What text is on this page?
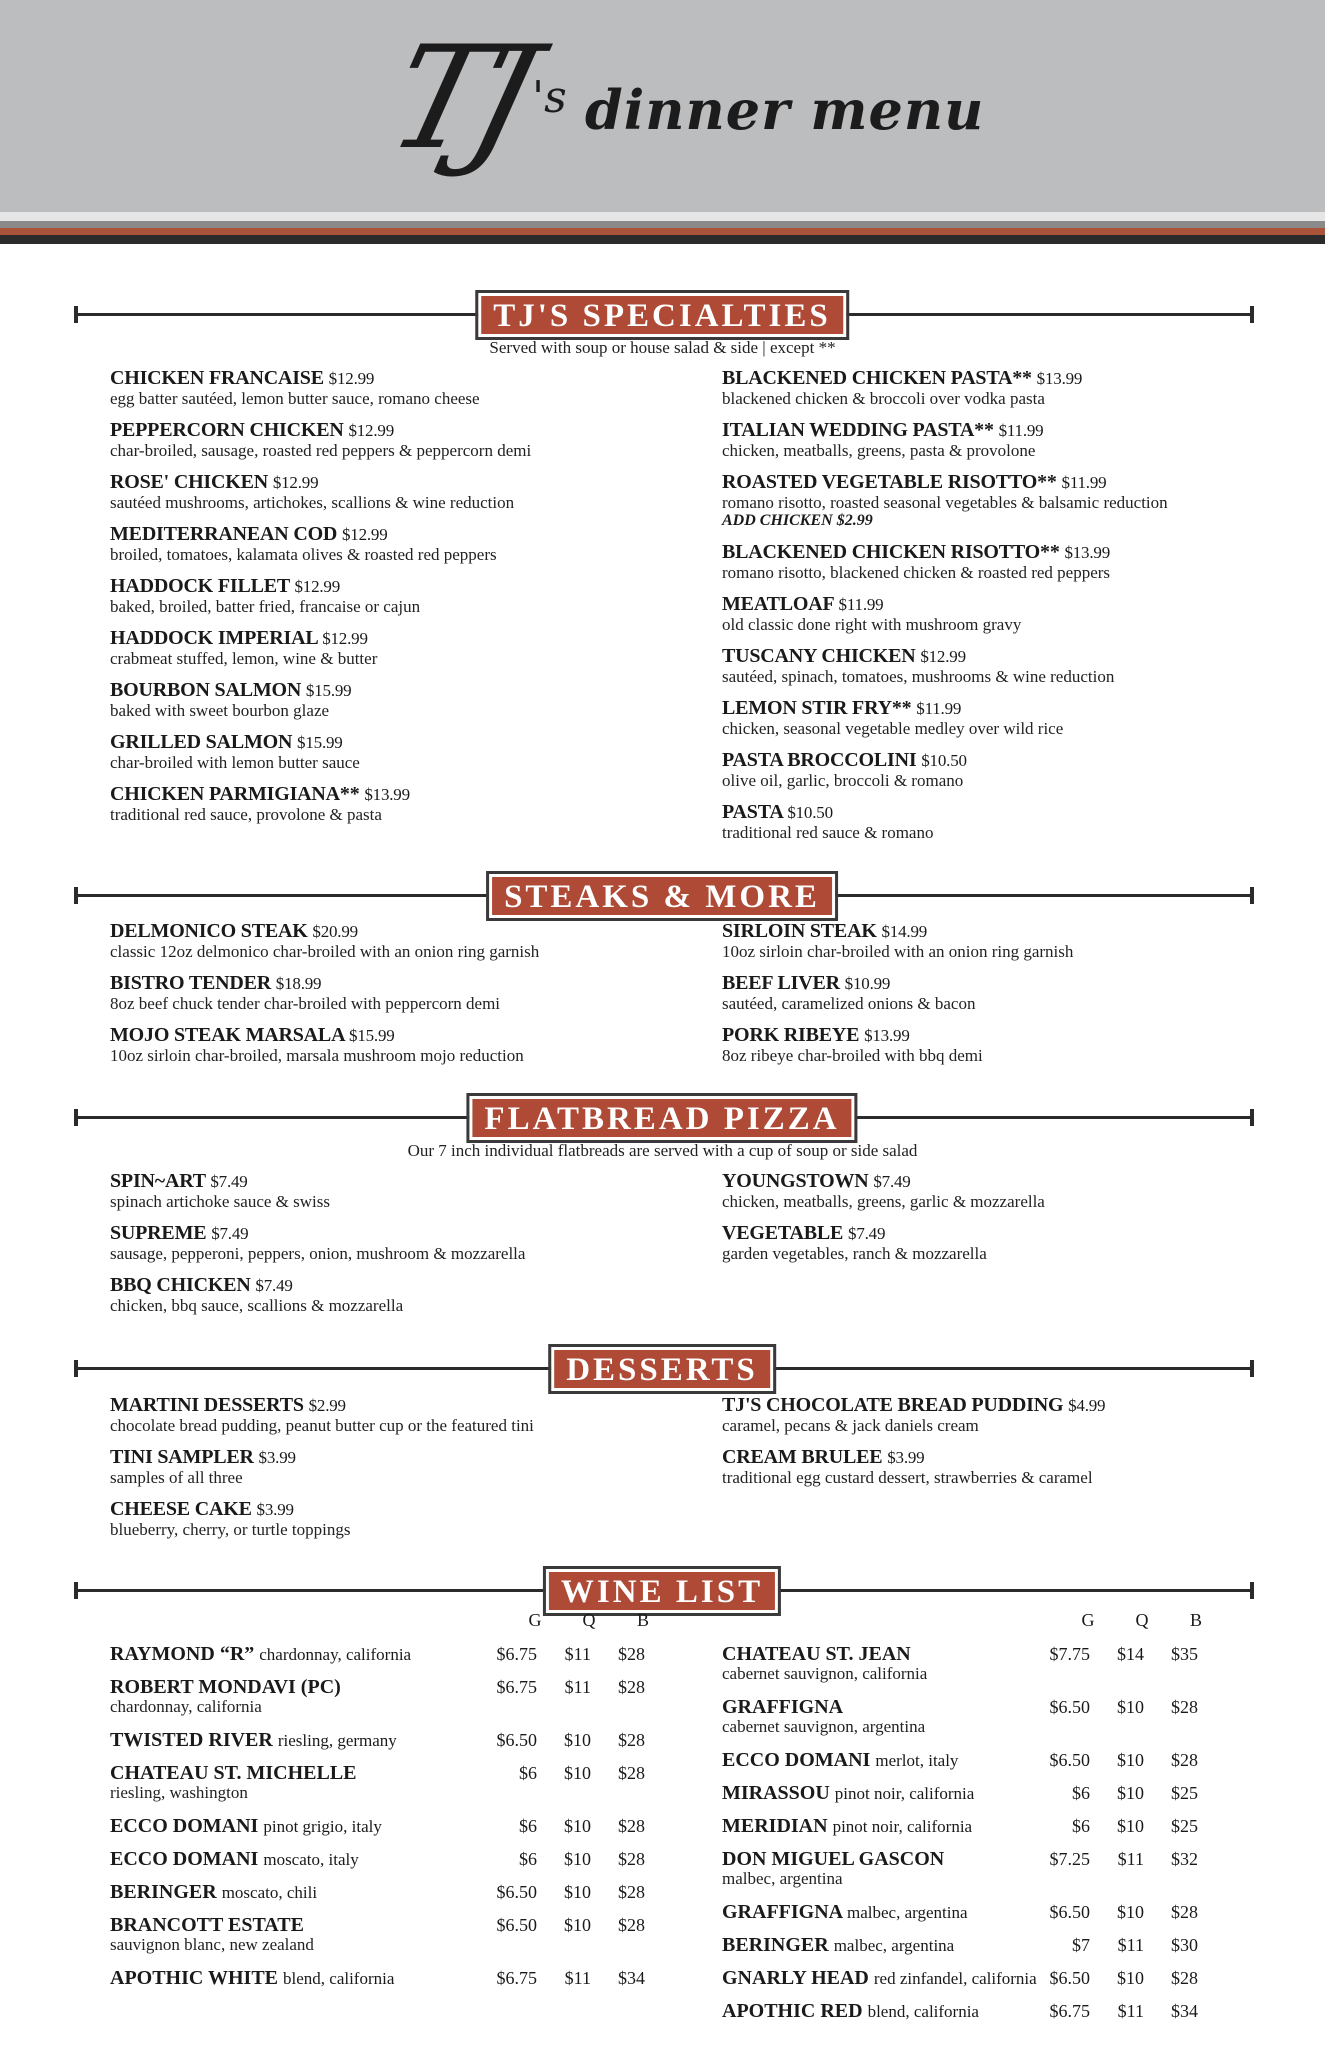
TJ
's dinner menu
TJ'S SPECIALTIES
Served with soup or house salad & side | except **
CHICKEN FRANCAISE $12.99
egg batter sautéed, lemon butter sauce, romano cheese
PEPPERCORN CHICKEN $12.99
char-broiled, sausage, roasted red peppers & peppercorn demi
ROSE' CHICKEN $12.99
sautéed mushrooms, artichokes, scallions & wine reduction
MEDITERRANEAN COD $12.99
broiled, tomatoes, kalamata olives & roasted red peppers
HADDOCK FILLET $12.99
baked, broiled, batter fried, francaise or cajun
HADDOCK IMPERIAL $12.99
crabmeat stuffed, lemon, wine & butter
BOURBON SALMON $15.99
baked with sweet bourbon glaze
GRILLED SALMON $15.99
char-broiled with lemon butter sauce
CHICKEN PARMIGIANA** $13.99
traditional red sauce, provolone & pasta
BLACKENED CHICKEN PASTA** $13.99
blackened chicken & broccoli over vodka pasta
ITALIAN WEDDING PASTA** $11.99
chicken, meatballs, greens, pasta & provolone
ROASTED VEGETABLE RISOTTO** $11.99
romano risotto, roasted seasonal vegetables & balsamic reduction
ADD CHICKEN $2.99
BLACKENED CHICKEN RISOTTO** $13.99
romano risotto, blackened chicken & roasted red peppers
MEATLOAF $11.99
old classic done right with mushroom gravy
TUSCANY CHICKEN $12.99
sautéed, spinach, tomatoes, mushrooms & wine reduction
LEMON STIR FRY** $11.99
chicken, seasonal vegetable medley over wild rice
PASTA BROCCOLINI $10.50
olive oil, garlic, broccoli & romano
PASTA $10.50
traditional red sauce & romano
STEAKS & MORE
DELMONICO STEAK $20.99
classic 12oz delmonico char-broiled with an onion ring garnish
BISTRO TENDER $18.99
8oz beef chuck tender char-broiled with peppercorn demi
MOJO STEAK MARSALA $15.99
10oz sirloin char-broiled, marsala mushroom mojo reduction
SIRLOIN STEAK $14.99
10oz sirloin char-broiled with an onion ring garnish
BEEF LIVER $10.99
sautéed, caramelized onions & bacon
PORK RIBEYE $13.99
8oz ribeye char-broiled with bbq demi
FLATBREAD PIZZA
Our 7 inch individual flatbreads are served with a cup of soup or side salad
SPIN~ART $7.49
spinach artichoke sauce & swiss
SUPREME $7.49
sausage, pepperoni, peppers, onion, mushroom & mozzarella
BBQ CHICKEN $7.49
chicken, bbq sauce, scallions & mozzarella
YOUNGSTOWN $7.49
chicken, meatballs, greens, garlic & mozzarella
VEGETABLE $7.49
garden vegetables, ranch & mozzarella
DESSERTS
MARTINI DESSERTS $2.99
chocolate bread pudding, peanut butter cup or the featured tini
TINI SAMPLER $3.99
samples of all three
CHEESE CAKE $3.99
blueberry, cherry, or turtle toppings
TJ'S CHOCOLATE BREAD PUDDING $4.99
caramel, pecans & jack daniels cream
CREAM BRULEE $3.99
traditional egg custard dessert, strawberries & caramel
WINE LIST
G	Q	B	G	Q	B
RAYMOND “R” chardonnay, california	$6.75	$11	$28
ROBERT MONDAVI (PC)
chardonnay, california
$6.75	$11	$28
TWISTED RIVER riesling, germany	$6.50	$10	$28
CHATEAU ST. MICHELLE
riesling, washington
$6	$10	$28
ECCO DOMANI pinot grigio, italy	$6	$10	$28
ECCO DOMANI moscato, italy	$6	$10	$28
BERINGER moscato, chili	$6.50	$10	$28
BRANCOTT ESTATE
sauvignon blanc, new zealand
$6.50	$10	$28
APOTHIC WHITE blend, california	$6.75	$11	$34
CHATEAU ST. JEAN
cabernet sauvignon, california
$7.75	$14	$35
GRAFFIGNA
cabernet sauvignon, argentina
$6.50	$10	$28
ECCO DOMANI merlot, italy	$6.50	$10	$28
MIRASSOU pinot noir, california	$6	$10	$25
MERIDIAN pinot noir, california	$6	$10	$25
DON MIGUEL GASCON
malbec, argentina
$7.25	$11	$32
GRAFFIGNA malbec, argentina	$6.50	$10	$28
BERINGER malbec, argentina	$7	$11	$30
GNARLY HEAD red zinfandel, california $6.50	$10	$28
APOTHIC RED blend, california	$6.75	$11	$34
